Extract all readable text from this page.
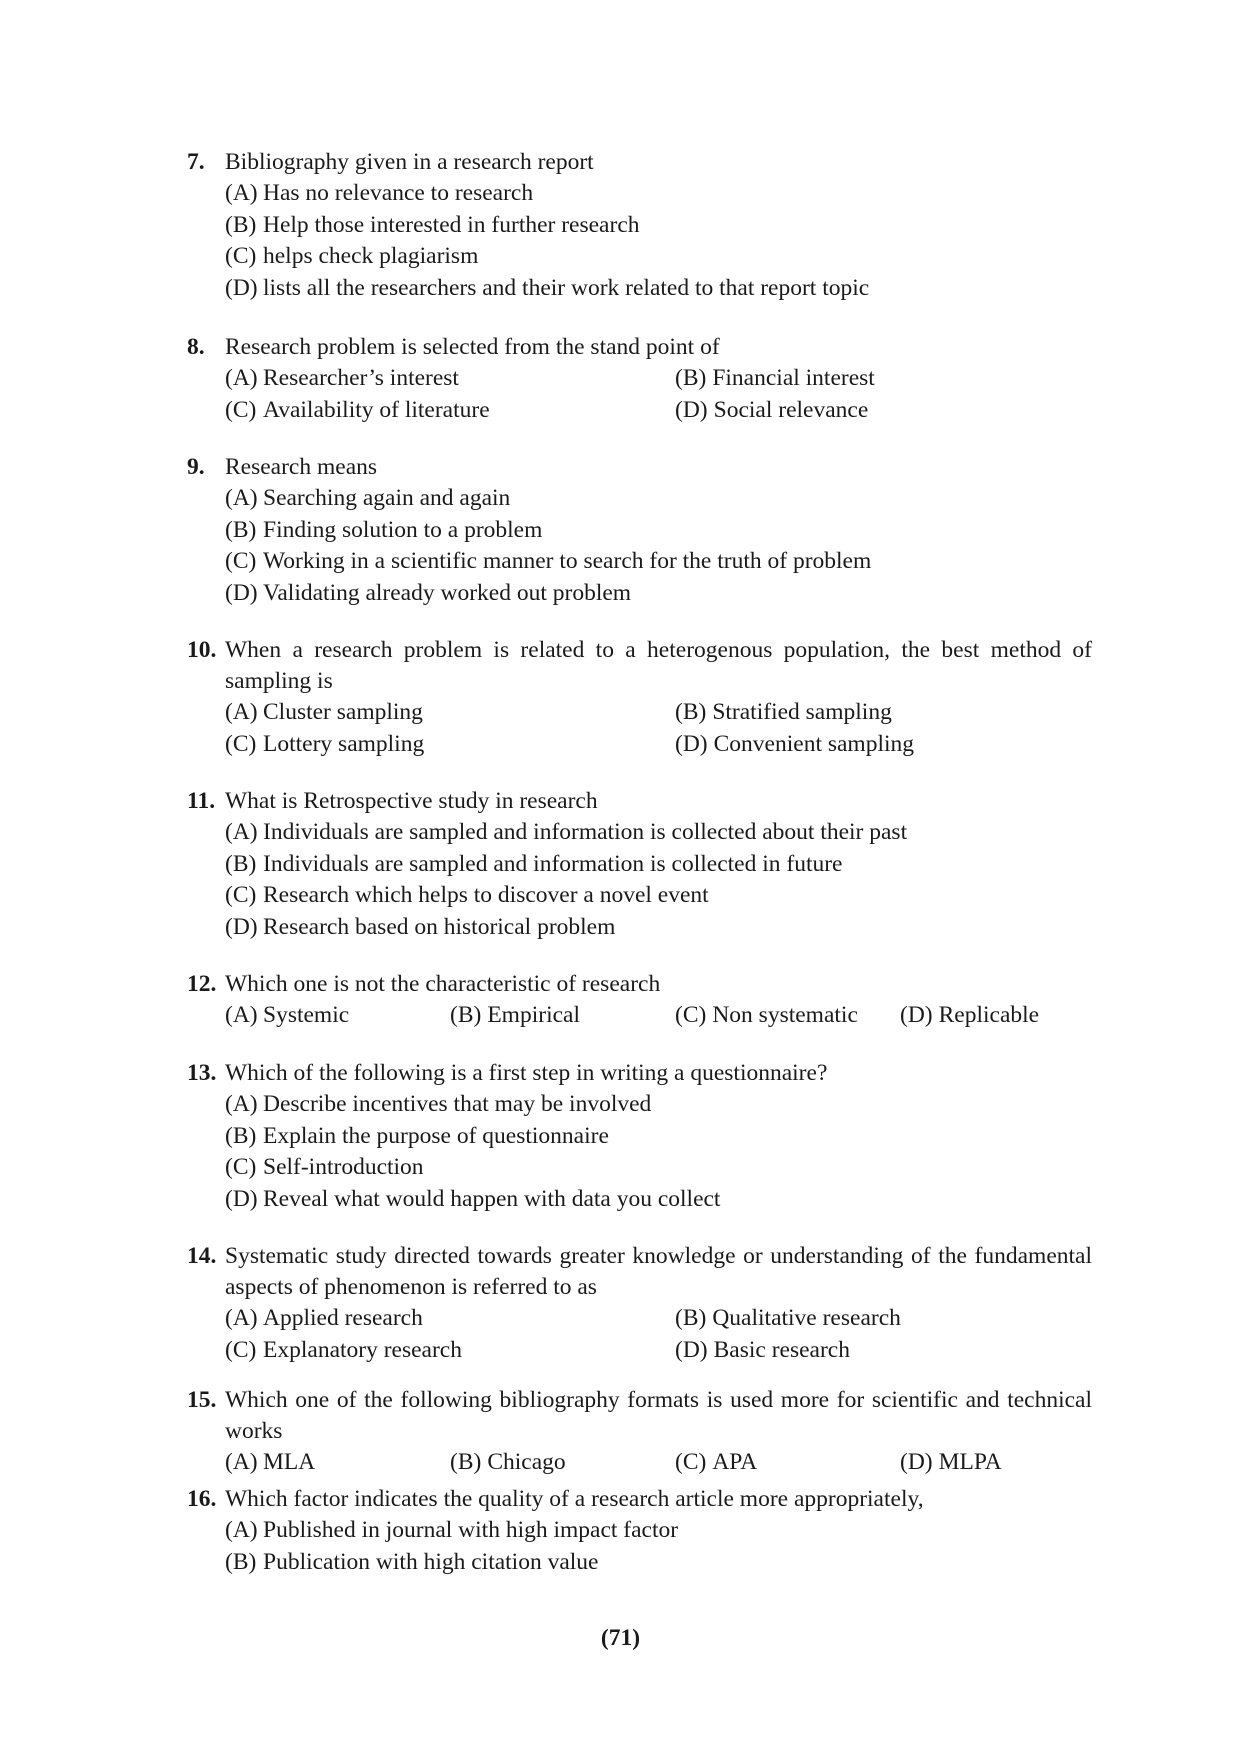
7. Bibliography given in a research report
(A) Has no relevance to research
(B) Help those interested in further research
(C) helps check plagiarism
(D) lists all the researchers and their work related to that report topic
8. Research problem is selected from the stand point of
(A) Researcher’s interest	(B) Financial interest
(C) Availability of literature	(D) Social relevance
9. Research means
(A) Searching again and again
(B) Finding solution to a problem
(C) Working in a scientific manner to search for the truth of problem
(D) Validating already worked out problem
10. When a research problem is related to a heterogenous population, the best method of sampling is
(A) Cluster sampling	(B) Stratified sampling
(C) Lottery sampling	(D) Convenient sampling
11. What is Retrospective study in research
(A) Individuals are sampled and information is collected about their past
(B) Individuals are sampled and information is collected in future
(C) Research which helps to discover a novel event
(D) Research based on historical problem
12. Which one is not the characteristic of research
(A) Systemic	(B) Empirical	(C) Non systematic (D) Replicable
13. Which of the following is a first step in writing a questionnaire?
(A) Describe incentives that may be involved
(B) Explain the purpose of questionnaire
(C) Self-introduction
(D) Reveal what would happen with data you collect
14. Systematic study directed towards greater knowledge or understanding of the fundamental aspects of phenomenon is referred to as
(A) Applied research	(B) Qualitative research
(C) Explanatory research	(D) Basic research
15. Which one of the following bibliography formats is used more for scientific and technical works
(A) MLA	(B) Chicago	(C) APA	(D) MLPA
16. Which factor indicates the quality of a research article more appropriately,
(A) Published in journal with high impact factor
(B) Publication with high citation value
(71)
